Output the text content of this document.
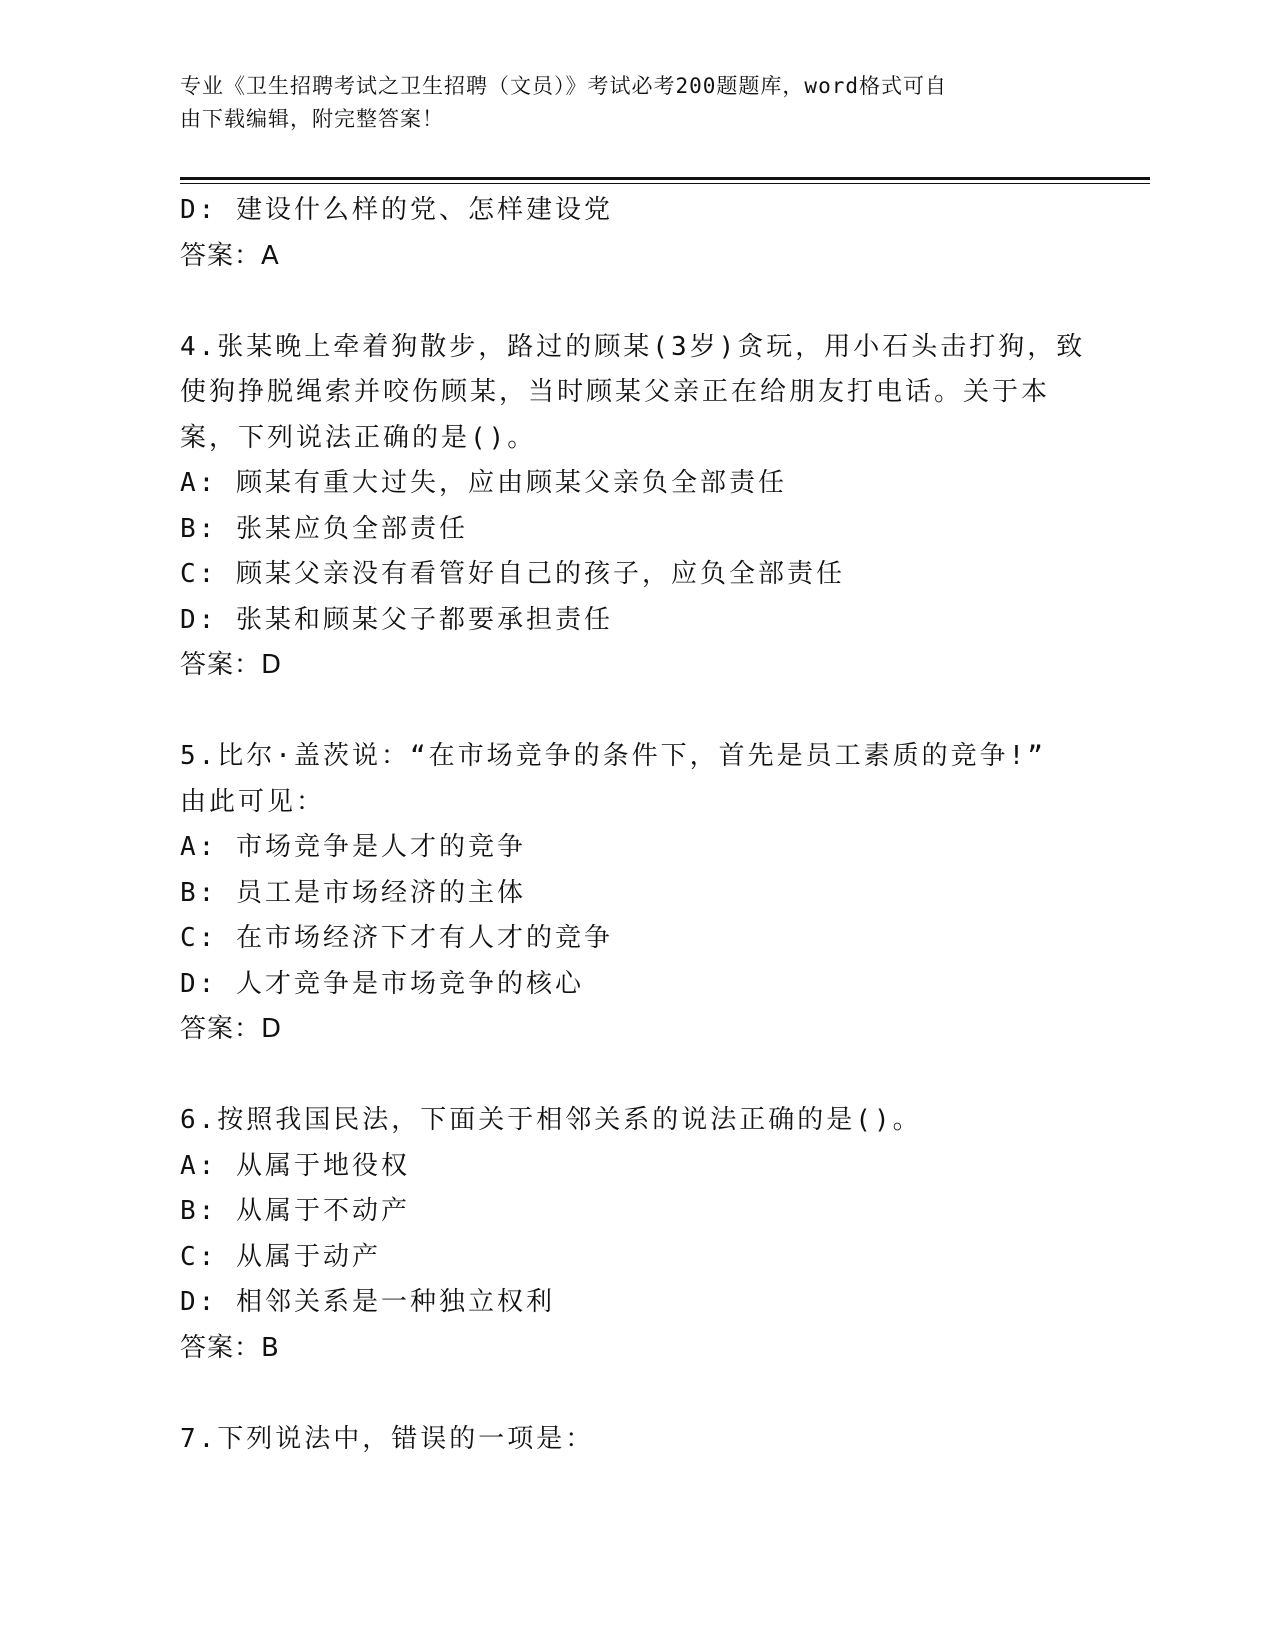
专业《卫生招聘考试之卫生招聘（文员）》考试必考200题题库，word格式可自
由下载编辑，附完整答案！
D: 建设什么样的党、怎样建设党
答案：A
4.张某晚上牵着狗散步，路过的顾某(3岁)贪玩，用小石头击打狗，致
使狗挣脱绳索并咬伤顾某，当时顾某父亲正在给朋友打电话。关于本
案，下列说法正确的是()。
A: 顾某有重大过失，应由顾某父亲负全部责任
B: 张某应负全部责任
C: 顾某父亲没有看管好自己的孩子，应负全部责任
D: 张某和顾某父子都要承担责任
答案：D
5.比尔·盖茨说：“在市场竞争的条件下，首先是员工素质的竞争!”
由此可见：
A: 市场竞争是人才的竞争
B: 员工是市场经济的主体
C: 在市场经济下才有人才的竞争
D: 人才竞争是市场竞争的核心
答案：D
6.按照我国民法，下面关于相邻关系的说法正确的是()。
A: 从属于地役权
B: 从属于不动产
C: 从属于动产
D: 相邻关系是一种独立权利
答案：B
7.下列说法中，错误的一项是：
